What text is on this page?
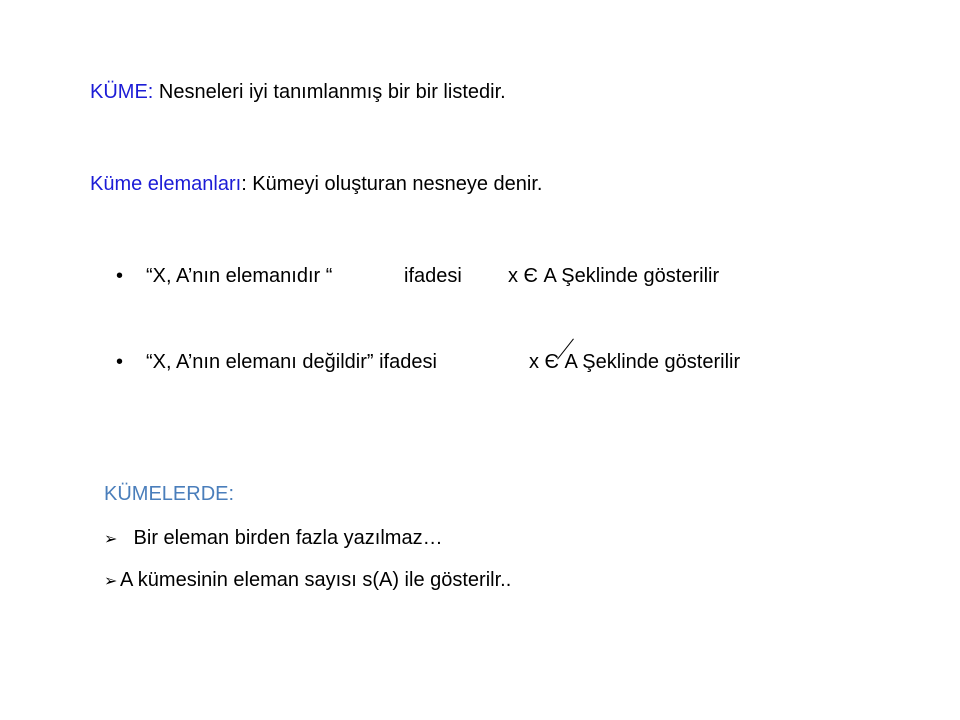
KÜME: Nesneleri iyi tanımlanmış bir bir listedir.
Küme elemanları: Kümeyi oluşturan nesneye denir.
• “X, A’nın elemanıdır “	ifadesi x Є A Şeklinde gösterilir
• “X, A’nın elemanı değildir” ifadesi	x Є A Şeklinde gösterilir
KÜMELERDE:
➢ Bir eleman birden fazla yazılmaz…
➢ A kümesinin eleman sayısı s(A) ile gösterilr..
